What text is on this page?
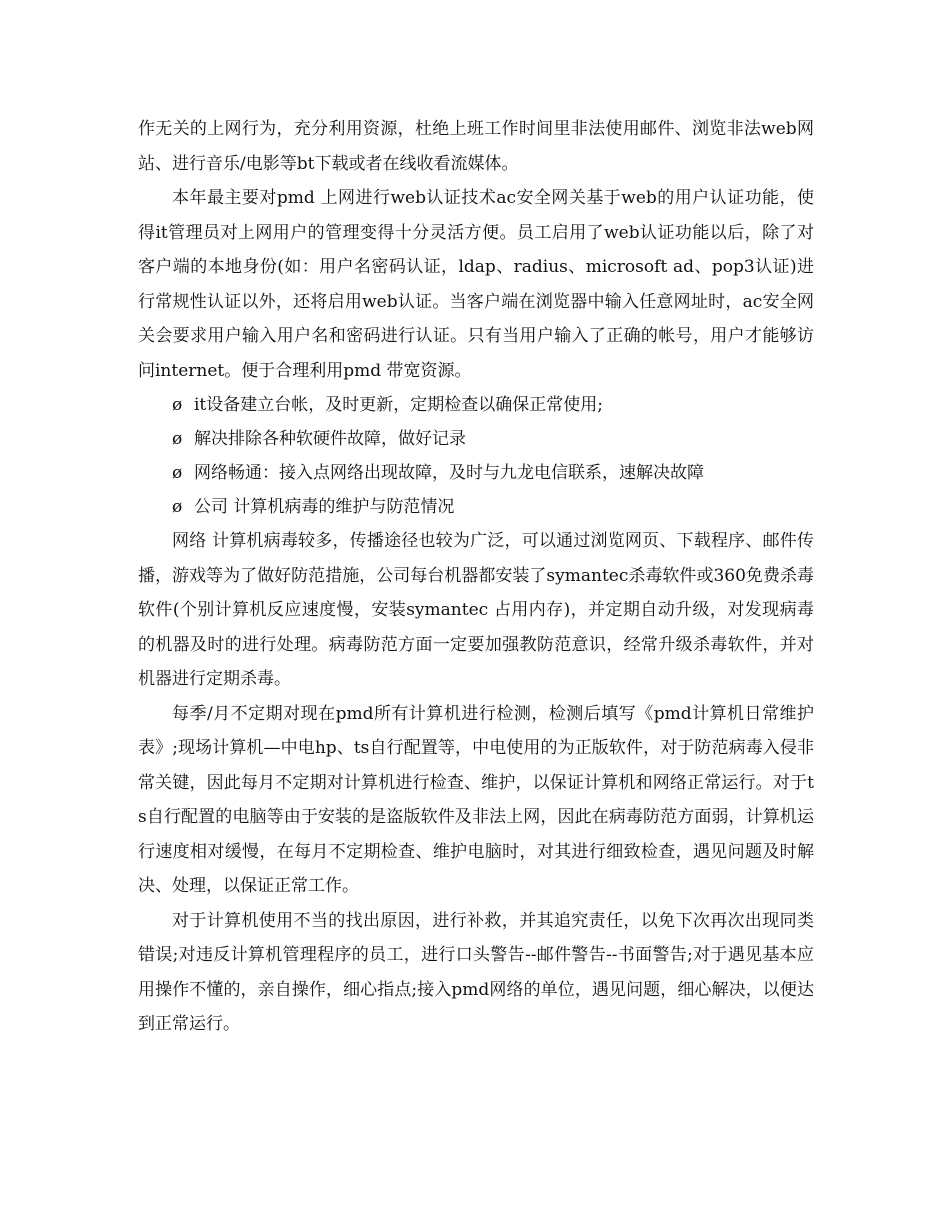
作无关的上网行为，充分利用资源，杜绝上班工作时间里非法使用邮件、浏览非法web网站、进行音乐/电影等bt下载或者在线收看流媒体。

本年最主要对pmd 上网进行web认证技术ac安全网关基于web的用户认证功能，使得it管理员对上网用户的管理变得十分灵活方便。员工启用了web认证功能以后，除了对客户端的本地身份(如：用户名密码认证，ldap、radius、microsoft ad、pop3认证)进行常规性认证以外，还将启用web认证。当客户端在浏览器中输入任意网址时，ac安全网关会要求用户输入用户名和密码进行认证。只有当用户输入了正确的帐号，用户才能够访问internet。便于合理利用pmd 带宽资源。

ø it设备建立台帐，及时更新，定期检查以确保正常使用;

ø 解决排除各种软硬件故障，做好记录

ø 网络畅通：接入点网络出现故障，及时与九龙电信联系，速解决故障

ø 公司 计算机病毒的维护与防范情况

网络 计算机病毒较多，传播途径也较为广泛，可以通过浏览网页、下载程序、邮件传播，游戏等为了做好防范措施，公司每台机器都安装了symantec杀毒软件或360免费杀毒软件(个别计算机反应速度慢，安装symantec 占用内存)，并定期自动升级，对发现病毒的机器及时的进行处理。病毒防范方面一定要加强教防范意识，经常升级杀毒软件，并对机器进行定期杀毒。

每季/月不定期对现在pmd所有计算机进行检测，检测后填写《pmd计算机日常维护表》;现场计算机—中电hp、ts自行配置等，中电使用的为正版软件，对于防范病毒入侵非常关键，因此每月不定期对计算机进行检查、维护，以保证计算机和网络正常运行。对于ts自行配置的电脑等由于安装的是盗版软件及非法上网，因此在病毒防范方面弱，计算机运行速度相对缓慢，在每月不定期检查、维护电脑时，对其进行细致检查，遇见问题及时解决、处理，以保证正常工作。

对于计算机使用不当的找出原因，进行补救，并其追究责任，以免下次再次出现同类错误;对违反计算机管理程序的员工，进行口头警告--邮件警告--书面警告;对于遇见基本应用操作不懂的，亲自操作，细心指点;接入pmd网络的单位，遇见问题，细心解决，以便达到正常运行。
